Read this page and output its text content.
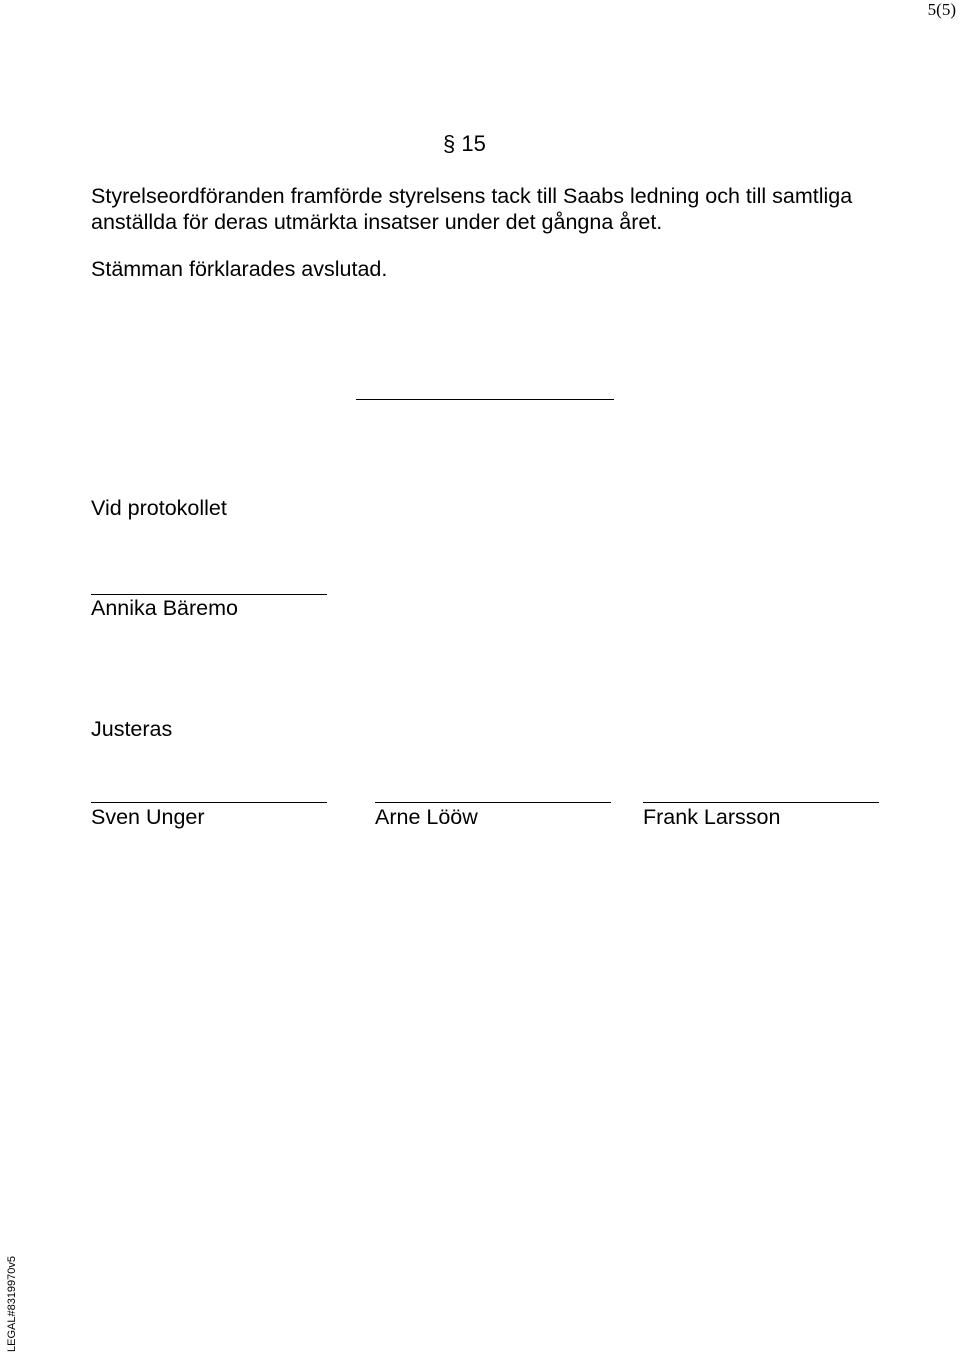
5(5)
§ 15
Styrelseordföranden framförde styrelsens tack till Saabs ledning och till samtliga
anställda för deras utmärkta insatser under det gångna året.
Stämman förklarades avslutad.
Vid protokollet
Annika Bäremo
Justeras
Sven Unger	Arne Lööw	Frank Larsson
LEGAL#8319970v5
